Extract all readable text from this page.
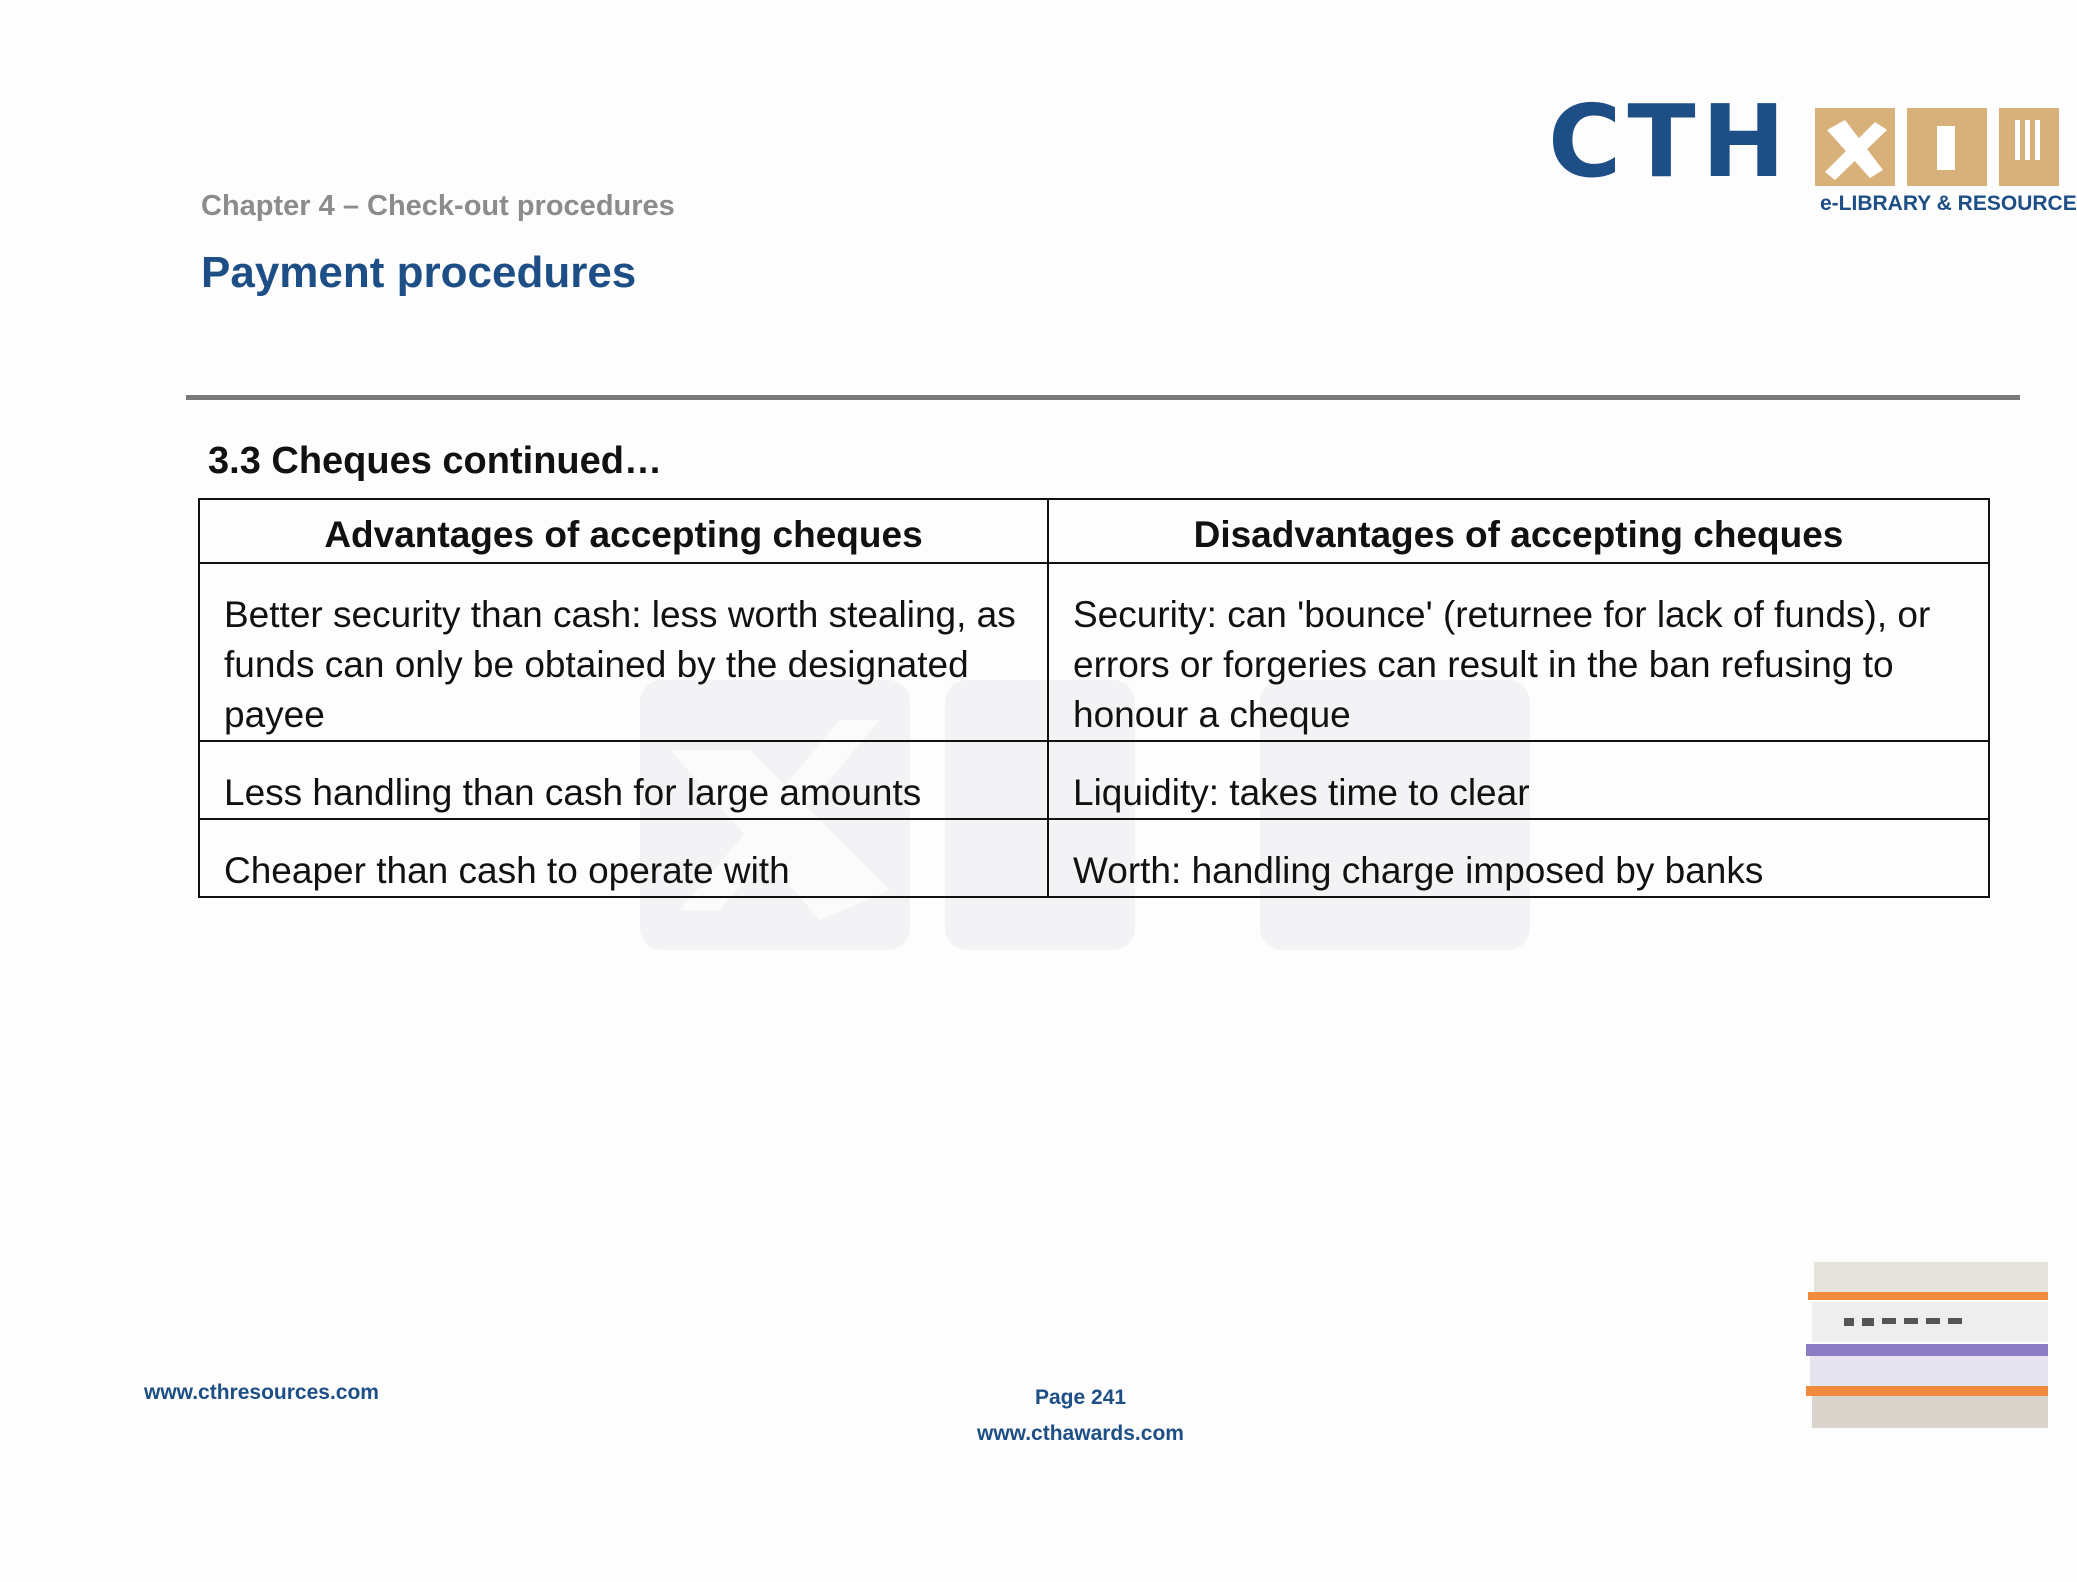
Chapter 4 – Check-out procedures
Payment procedures
CTH
e-LIBRARY & RESOURCE
3.3 Cheques continued…
Advantages of accepting cheques	Disadvantages of accepting cheques
Better security than cash: less worth stealing, as funds can only be obtained by the designated payee	Security: can 'bounce' (returnee for lack of funds), or errors or forgeries can result in the ban refusing to honour a cheque
Less handling than cash for large amounts	Liquidity: takes time to clear
Cheaper than cash to operate with	Worth: handling charge imposed by banks
www.cthresources.com	Page 241
www.cthawards.com
